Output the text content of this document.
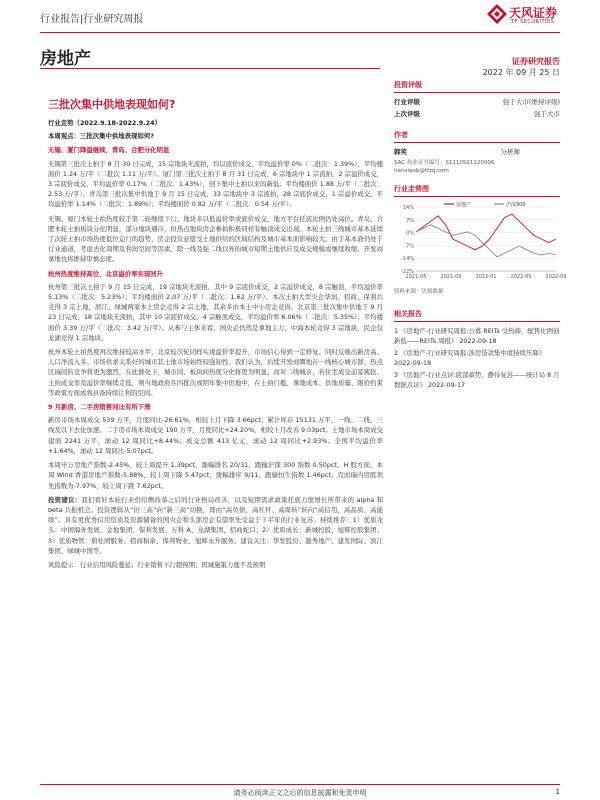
行业报告|行业研究周报	天风证券
TF SECURITIES
房地产	证券研究报告
2022 年 09 月 25 日
三批次集中供地表现如何?

行业走势（2022.9.18-2022.9.24）

本周观点：三批次集中供地表现如何?

无锡、厦门降温继续，青岛、合肥分化明显

无锡第三批次土拍于 8 月 30 日完成，15 宗地块无流拍，均以底价成交，平均溢价率 0%（二批次：1.39%），平均楼面价 1.24 万/平（二批次 1.11 万/平）。厦门第三批次土拍于 8 月 31 日完成，6 宗地块中 1 宗流拍，2 宗溢价成交，3 宗底价成交，平均溢价率 0.17%（二批次：1.43%），创下集中土拍以来的新低；平均楼面价 1.88 万/平（二批次：2.53 万/平）。青岛第三批次集中供地于 9 月 15 日完成，33 宗地块中 3 宗流拍，28 宗底价成交，1 宗溢价成交，平均溢价率 1.14%（二批次：1.89%）；平均楼面价 0.82 万/平（二批次：0.54 万/平）。

无锡、厦门本轮土拍热度较于第二轮继续下行，地块多以低溢价率或底价成交，地方平台托底比例仍处高位。青岛、合肥本轮土拍板块分化明显，部分地块遇冷，但热点地块房企参拍积极同样有触顶成交出现。本轮土拍三线城市基本延续了次轮土拍市场热度低位运行的趋势，房企投资意愿受土地供给的区域结构及城市基本面影响较大。由于基本面仍处于行业通道，考虑去化周期及利润空间等因素，除一线及强二线以外的城市短期土地供应及成交规模或继续收缩，开发商拿地也将维持审慎态度。

杭州热度维持高位，北京溢价率实现回升

杭州第三批次土拍于 9 月 15 日完成，19 宗地块无流拍，其中 9 宗底价成交，2 宗溢价成交，8 宗触顶，平均溢价率 5.13%（二批次：5.23%）；平均楼面价 2.07 万/平（二批次：1.62 万/平）。本次土拍大型央企华润、招商、保利共竞得 3 宗土地，滨江、绿城两家本土房企竞得 2 宗土地，其余多由本土中小房企竞得。北京第三批次集中供地于 9 月 23 日完成，18 宗地块无流拍，其中 10 宗底价成交，4 宗触顶成交，平均溢价率 6.06%（二批次：5.35%）；平均楼面价 3.39 万/平（二批次：3.42 万/平）。从参与主体来看，国央企仍然是拿地主力，中海本轮竞得 3 宗地块，民企仅龙湖竞得 1 宗地块。

杭州本轮土拍热度再次维持较高水平，北京较次轮同样实现溢价率提升，市场信心得到一定修复。同时反映出新房高、人口净流入多、市场供求关系好的城市其土地市场始终较强韧性。我们认为，后续开发商圈地在一线核心城市群、热点区域间的竞争将更为激烈，在此催化下，城市间、板块间热度分化将更为明显。而对二线城市，若住宅成交前景疲软、土拍成交率及溢价率继续走低，则当地政府在四批次或明年集中供地中，在土拍门槛、拿地成本、供地质量、限价约束等政策方面或将具备持续让利的空间。

9 月新房、二手房销售同比有所下滑

新房市场本周成交 539 万平，月度同比-26.61%，相较上月下降 3.66pct；累计库存 15131 万平，一线、二线、三线及以下去化加速。二手房市场本周成交 190 万平，月度同比+24.20%，相较上月改善 9.03pct。土地市场本周成交建面 2241 万平，滚动 12 周同比+8.44%；成交总额 413 亿元，滚动 12 周同比+2.93%；全国平均溢价率+1.64%，滚动 12 周同比-5.07pct。

本周申万房地产指数-2.45%，较上周提升 1.39pct，涨幅排名 20/31，跑输沪深 300 指数 0.50pct。H 股方面，本周 Wind 香港房地产指数-5.88%，较上周下降 5.47pct，涨幅排序 9/11，跑输恒生指数 1.46pct；克而瑞内房股领先指数为-7.97%，较上周下跌 7.62pct。

投资建议：我们看好本轮行业供给侧改革之后的行业格局改善，以及短期需求政策托底力度增长所带来的 alpha 和 beta 共振机会。投资逻辑从“旧三高”向“新三高”切换，即由“高负债、高杠杆、高周转”转向“高信用、高品质、高能级”。具有更优秀信用资质及资源储备的国央企和头部房企有望率先受益于下半年的行业复苏。持续推荐：1）优质龙头：中国海外发展、金地集团、保利发展、万科 A、龙湖集团、招商蛇口；2）优质成长：新城控股、旭辉控股集团；3）优质物管：碧桂园服务、招商积余、保利物业、旭辉永升服务。建议关注：华发股份、越秀地产、建发国际、滨江集团、绿城中国等。

风险提示：行业信用风险蔓延；行业销售下行超预期；因城施策力度不及预期

投资评级
行业评级	强于大市(维持评级)
上次评级	强于大市
作者
韩笑	分析师
SAC 执业证书编号：S1110521120006
hanxiaob@tfzq.com
行业走势图
14%
7%
0%
-7%
-14%
-22%
2021-05	2021-09	2022-01	2022-05	2022-09
房地产	沪深300
资料来源：贝格数据
相关报告
1 《房地产-行业研究周报:公募 REITs 受热捧，配售比例创新低——REITs 周报》 2022-09-18
2 《房地产-行业研究周报:涉房贷款集中度持续压降》 2022-09-18
3 《房地产-行业点评:底部蓄势，静待复苏——统计局 8 月数据点评》 2022-09-17
请务必阅读正文之后的信息披露和免责申明	1
